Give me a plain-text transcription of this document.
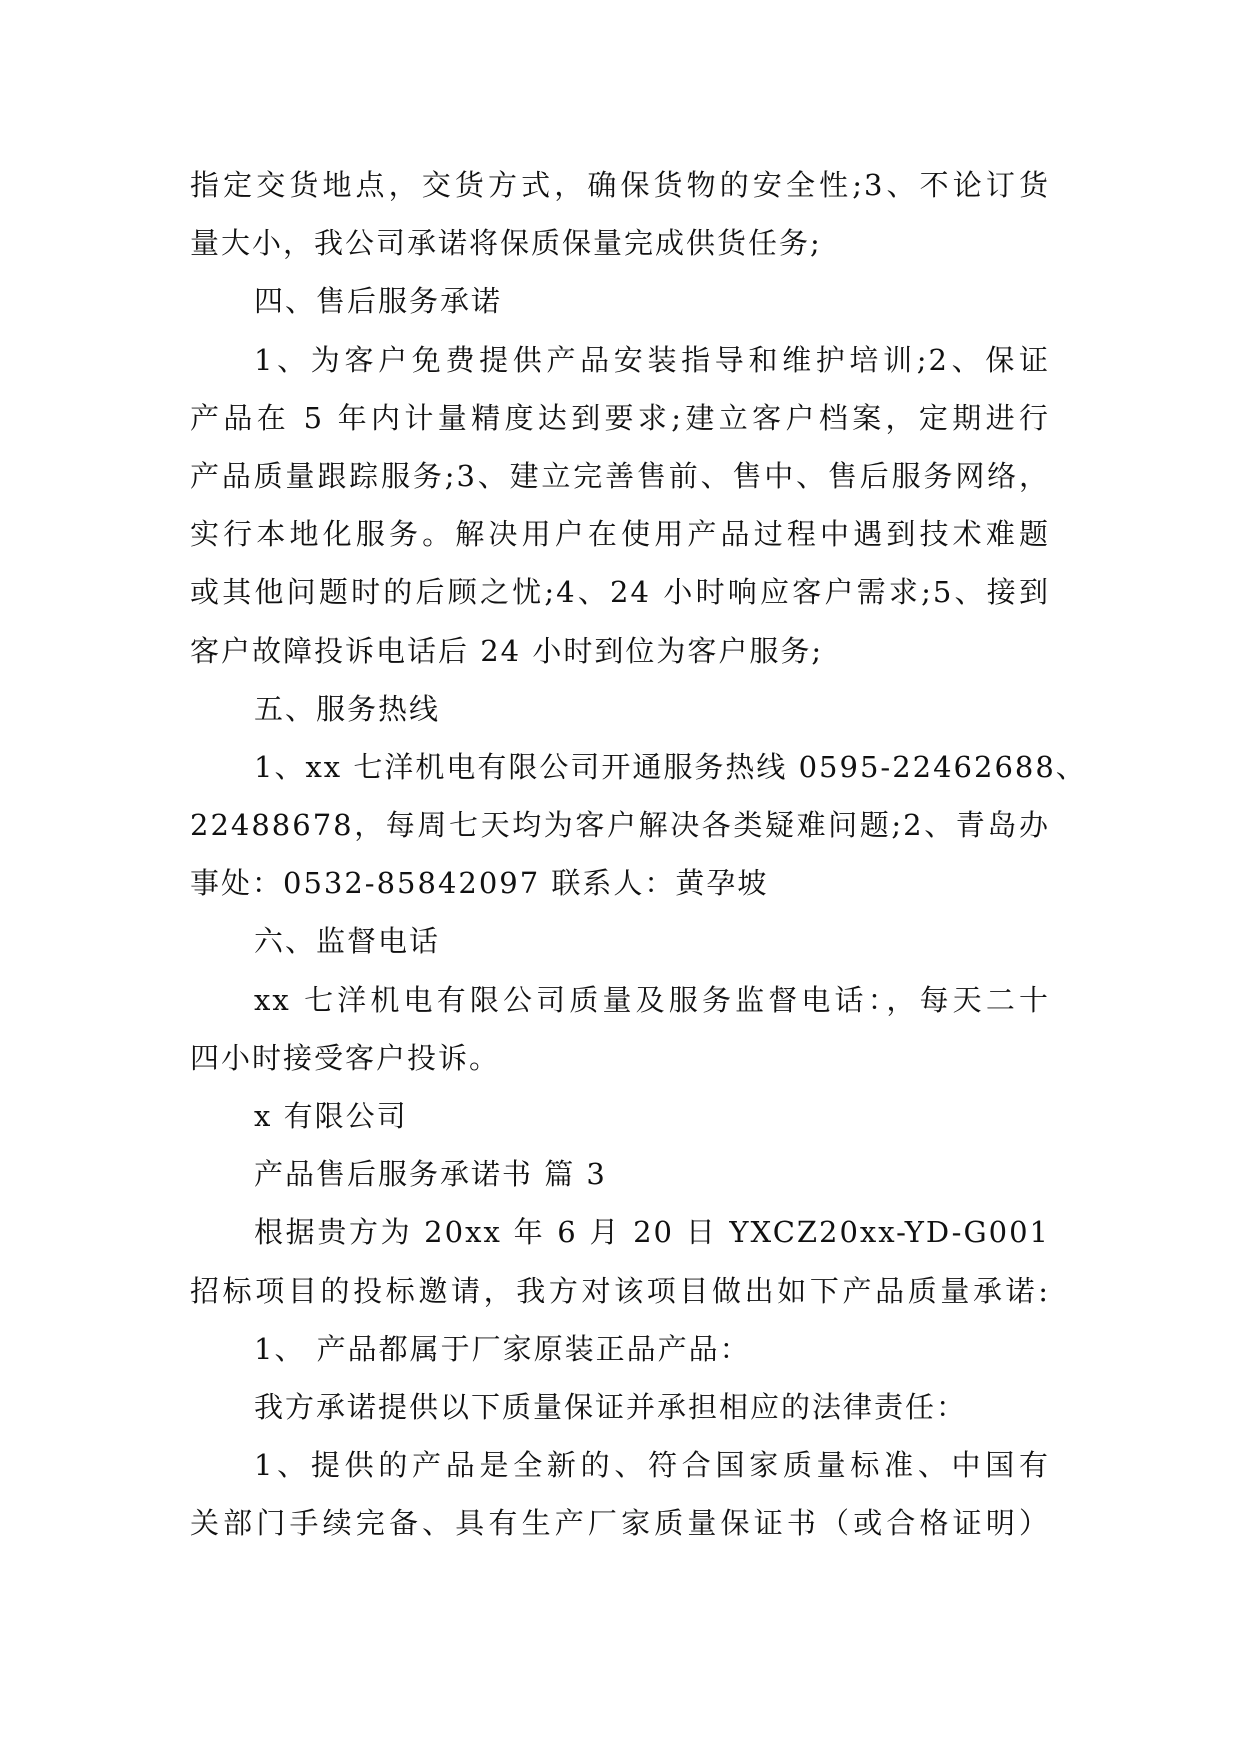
指定交货地点，交货方式，确保货物的安全性;3、不论订货
量大小，我公司承诺将保质保量完成供货任务;
四、售后服务承诺
1、为客户免费提供产品安装指导和维护培训;2、保证
产品在 5 年内计量精度达到要求;建立客户档案，定期进行
产品质量跟踪服务;3、建立完善售前、售中、售后服务网络，
实行本地化服务。解决用户在使用产品过程中遇到技术难题
或其他问题时的后顾之忧;4、24 小时响应客户需求;5、接到
客户故障投诉电话后 24 小时到位为客户服务;
五、服务热线
1、xx 七洋机电有限公司开通服务热线 0595-22462688、
22488678，每周七天均为客户解决各类疑难问题;2、青岛办
事处：0532-85842097 联系人：黄孕坡
六、监督电话
xx 七洋机电有限公司质量及服务监督电话：，每天二十
四小时接受客户投诉。
x 有限公司
产品售后服务承诺书 篇 3
根据贵方为 20xx 年 6 月 20 日 YXCZ20xx-YD-G001
招标项目的投标邀请，我方对该项目做出如下产品质量承诺:
1、 产品都属于厂家原装正品产品：
我方承诺提供以下质量保证并承担相应的法律责任：
1、提供的产品是全新的、符合国家质量标准、中国有
关部门手续完备、具有生产厂家质量保证书（或合格证明）
